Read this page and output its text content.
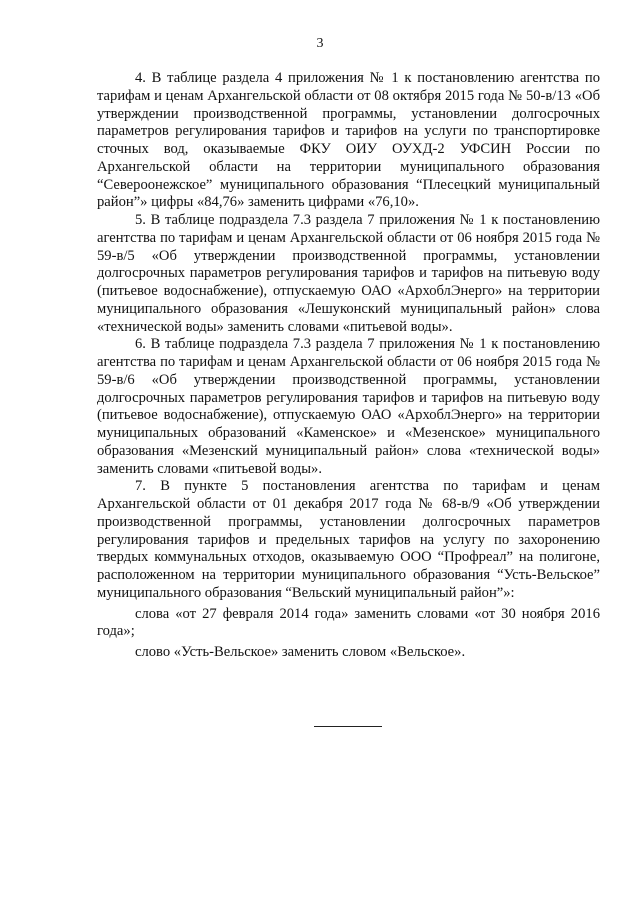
3

4. В таблице раздела 4 приложения № 1 к постановлению агентства по тарифам и ценам Архангельской области от 08 октября 2015 года № 50-в/13 «Об утверждении производственной программы, установлении долгосрочных параметров регулирования тарифов и тарифов на услуги по транспортировке сточных вод, оказываемые ФКУ ОИУ ОУХД-2 УФСИН России по Архангельской области на территории муниципального образования “Североонежское” муниципального образования “Плесецкий муниципальный район”» цифры «84,76» заменить цифрами «76,10».

5. В таблице подраздела 7.3 раздела 7 приложения № 1 к постановлению агентства по тарифам и ценам Архангельской области от 06 ноября 2015 года № 59-в/5 «Об утверждении производственной программы, установлении долгосрочных параметров регулирования тарифов и тарифов на питьевую воду (питьевое водоснабжение), отпускаемую ОАО «АрхоблЭнерго» на территории муниципального образования «Лешуконский муниципальный район» слова «технической воды» заменить словами «питьевой воды».

6. В таблице подраздела 7.3 раздела 7 приложения № 1 к постановлению агентства по тарифам и ценам Архангельской области от 06 ноября 2015 года № 59-в/6 «Об утверждении производственной программы, установлении долгосрочных параметров регулирования тарифов и тарифов на питьевую воду (питьевое водоснабжение), отпускаемую ОАО «АрхоблЭнерго» на территории муниципальных образований «Каменское» и «Мезенское» муниципального образования «Мезенский муниципальный район» слова «технической воды» заменить словами «питьевой воды».

7. В пункте 5 постановления агентства по тарифам и ценам Архангельской области от 01 декабря 2017 года № 68-в/9 «Об утверждении производственной программы, установлении долгосрочных параметров регулирования тарифов и предельных тарифов на услугу по захоронению твердых коммунальных отходов, оказываемую ООО “Профреал” на полигоне, расположенном на территории муниципального образования “Усть-Вельское” муниципального образования “Вельский муниципальный район”»:

слова «от 27 февраля 2014 года» заменить словами «от 30 ноября 2016 года»;

слово «Усть-Вельское» заменить словом «Вельское».
